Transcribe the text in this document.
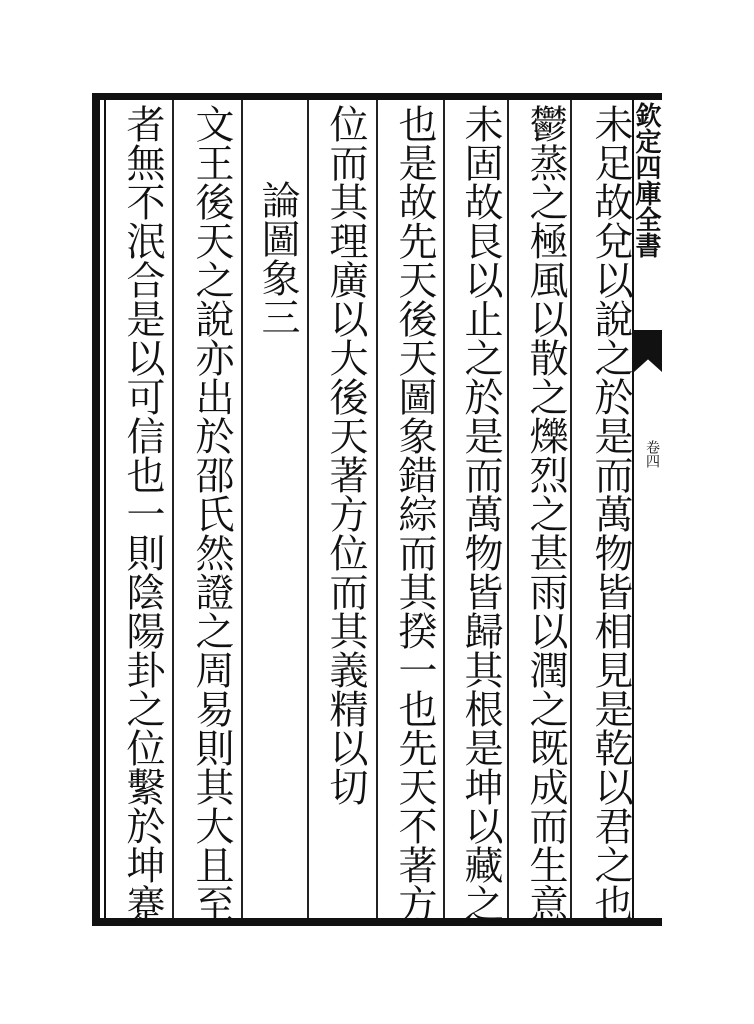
欽定四庫全書
卷四
未足故兌以說之於是而萬物皆相見是乾以君之也
鬱蒸之極風以散之爍烈之甚雨以潤之既成而生意
未固故艮以止之於是而萬物皆歸其根是坤以藏之
也是故先天後天圖象錯綜而其揆一也先天不著方
位而其理廣以大後天著方位而其義精以切
論圖象三
文王後天之說亦出於邵氏然證之周易則其大且至
者無不泯合是以可信也一則陰陽卦之位繫於坤蹇
